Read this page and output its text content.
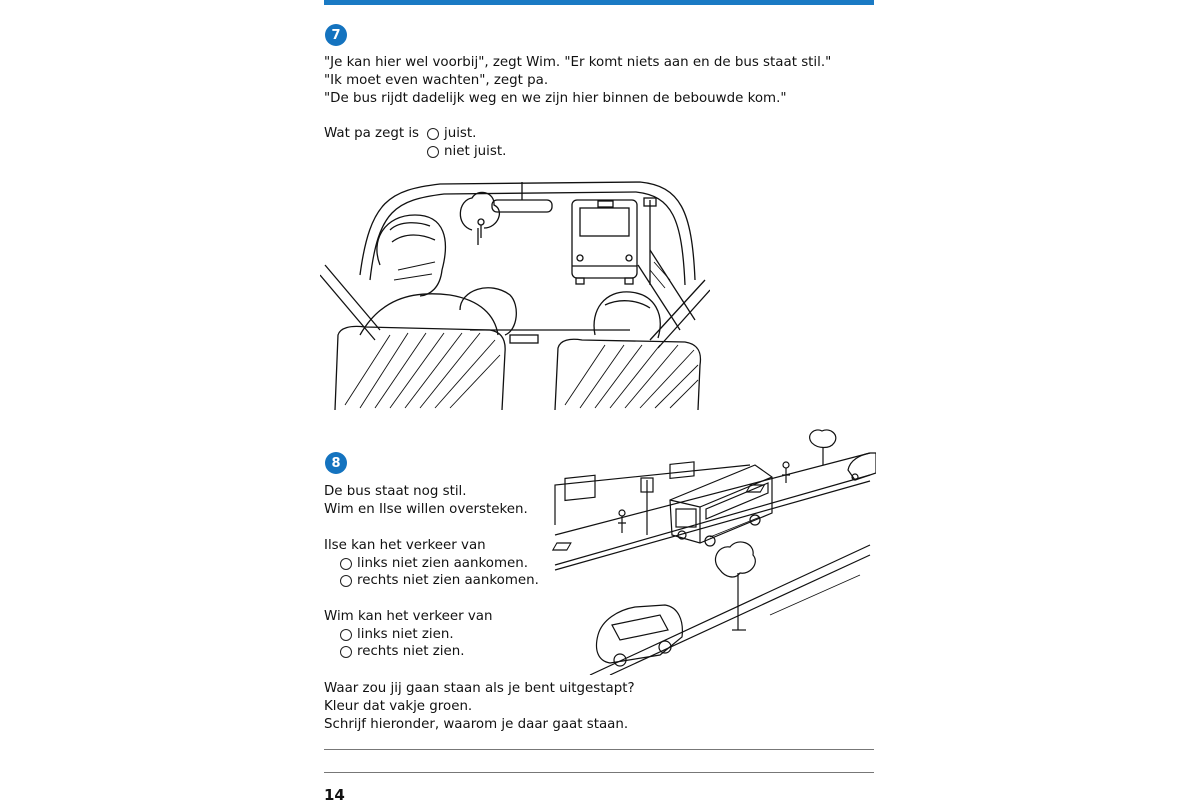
7
"Je kan hier wel voorbij", zegt Wim. "Er komt niets aan en de bus staat stil."
"Ik moet even wachten", zegt pa.
"De bus rijdt dadelijk weg en we zijn hier binnen de bebouwde kom."
Wat pa zegt is juist.
niet juist.
8
De bus staat nog stil.
Wim en Ilse willen oversteken.
Ilse kan het verkeer van
links niet zien aankomen.
rechts niet zien aankomen.
Wim kan het verkeer van
links niet zien.
rechts niet zien.
Waar zou jij gaan staan als je bent uitgestapt?
Kleur dat vakje groen.
Schrijf hieronder, waarom je daar gaat staan.
14
